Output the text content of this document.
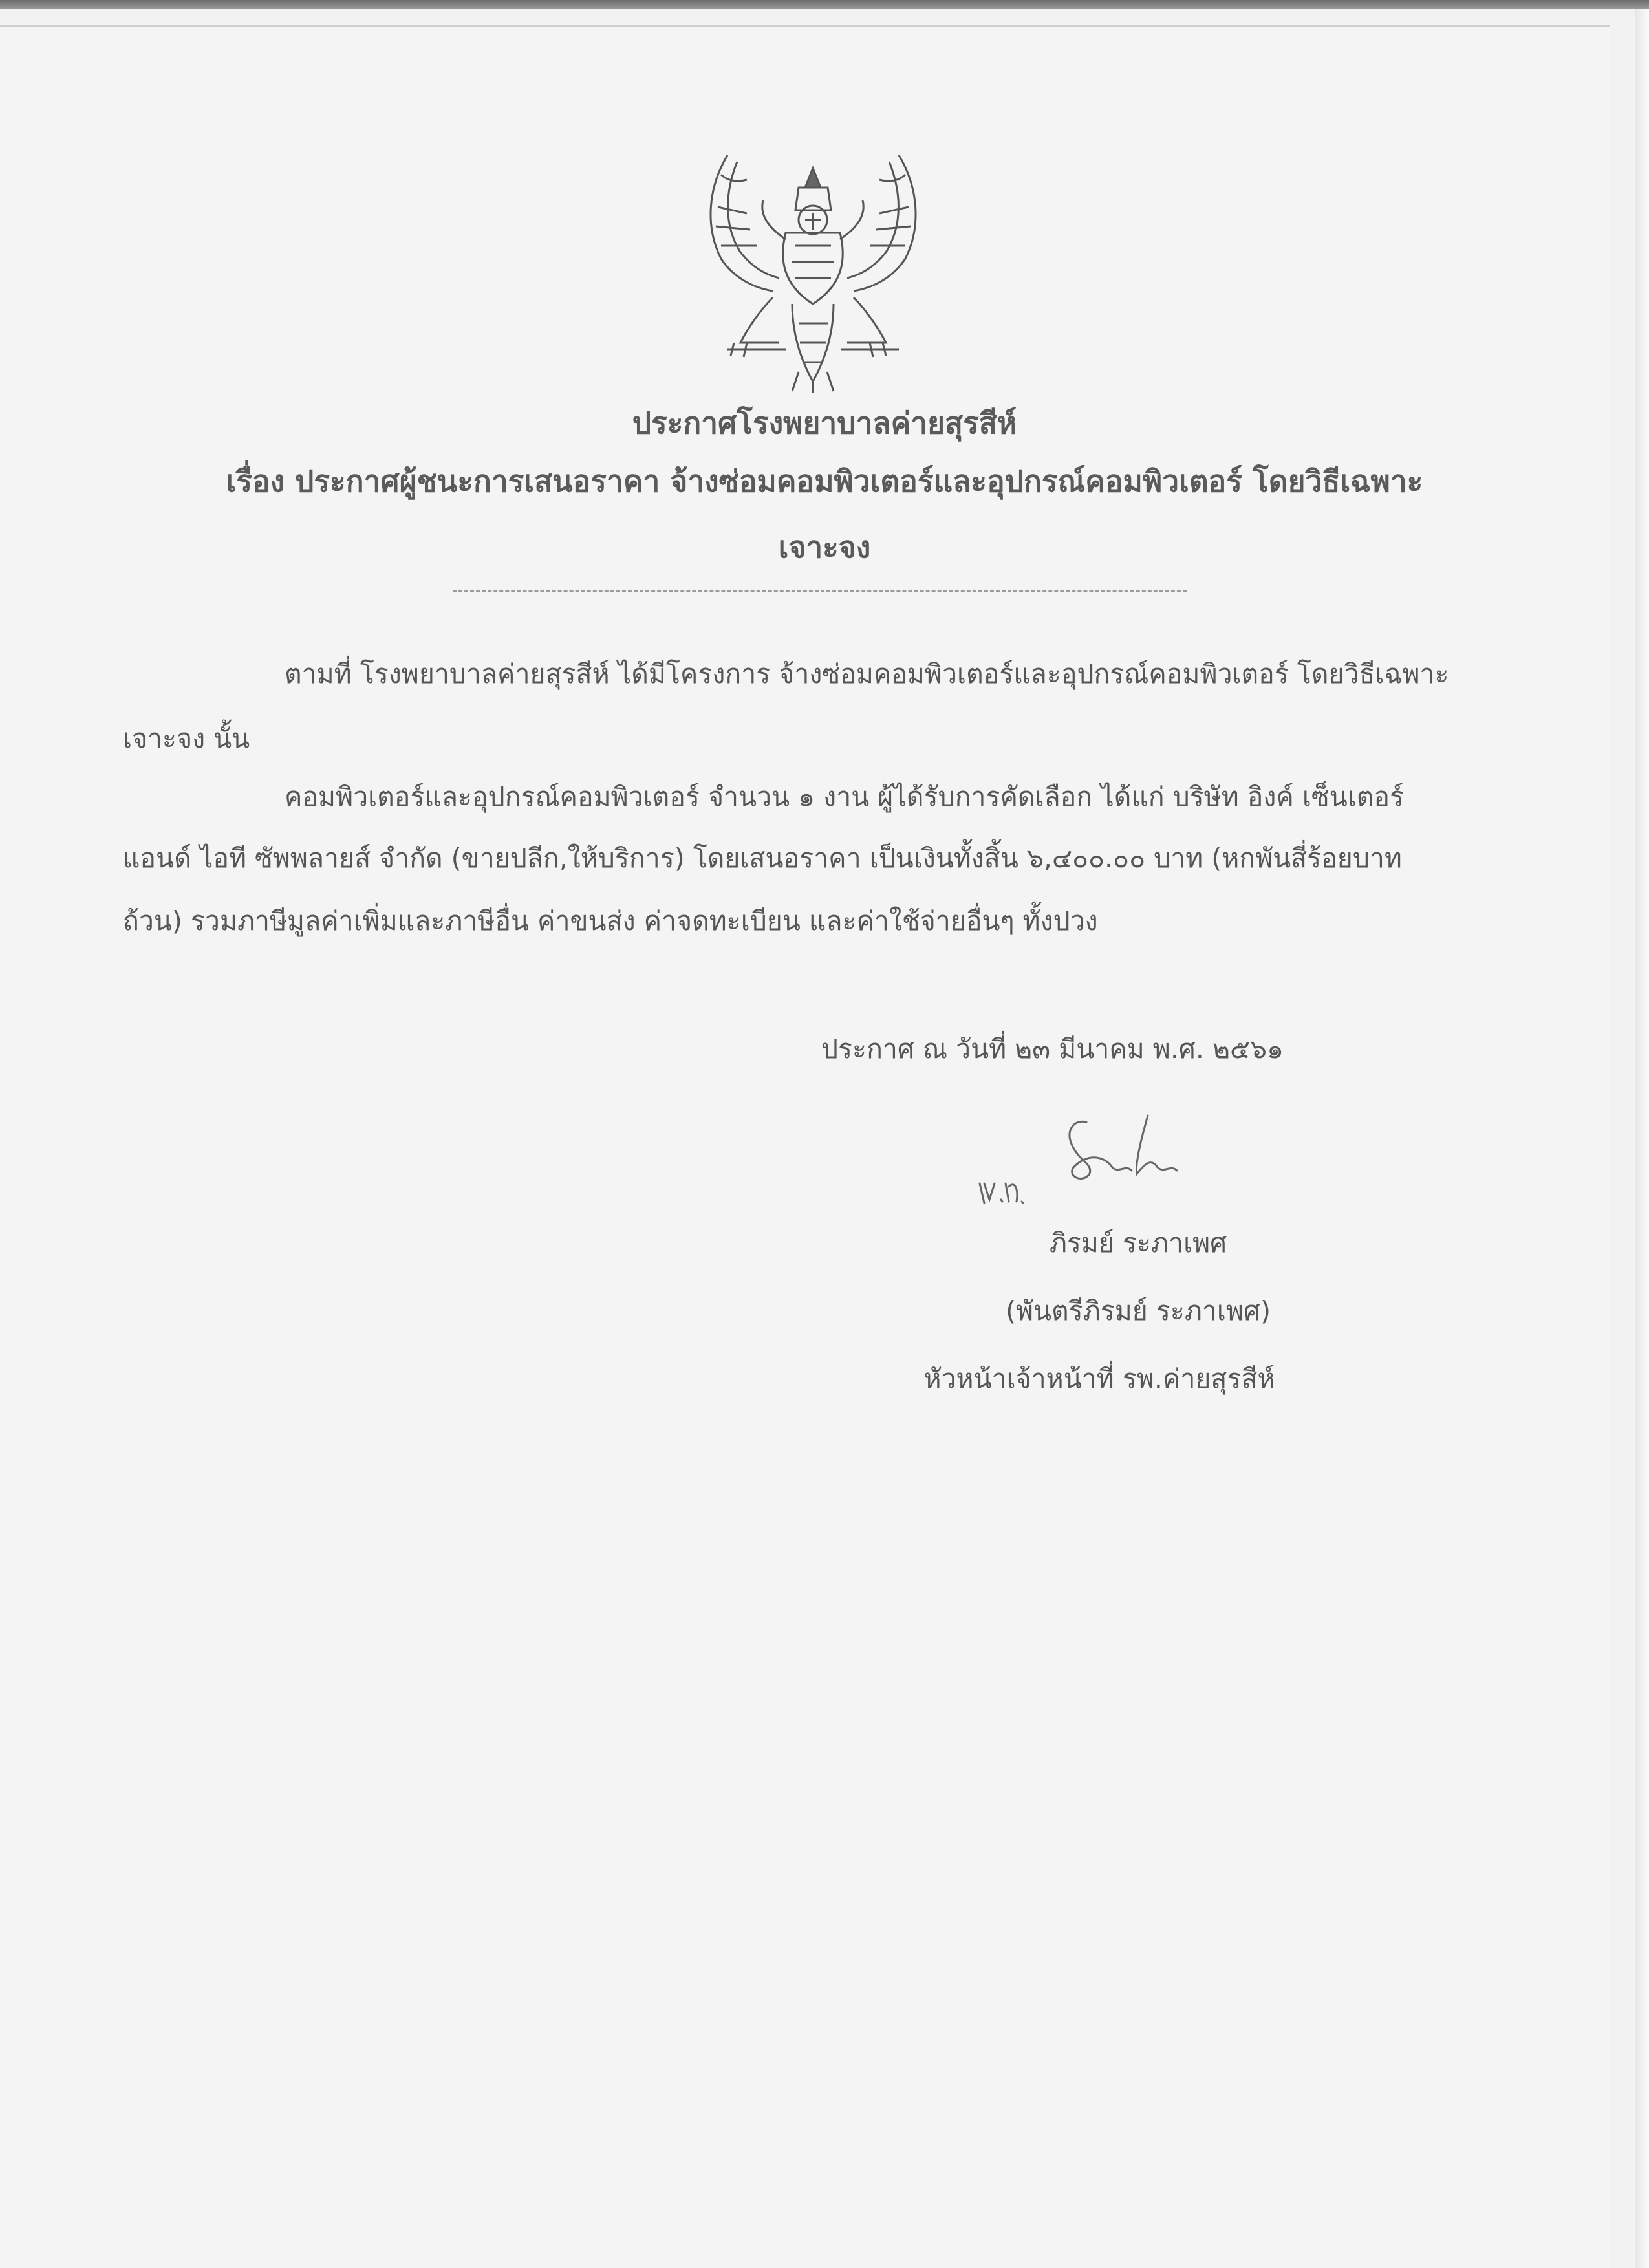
ประกาศโรงพยาบาลค่ายสุรสีห์
เรื่อง ประกาศผู้ชนะการเสนอราคา จ้างซ่อมคอมพิวเตอร์และอุปกรณ์คอมพิวเตอร์ โดยวิธีเฉพาะ
เจาะจง
ตามที่ โรงพยาบาลค่ายสุรสีห์ ได้มีโครงการ จ้างซ่อมคอมพิวเตอร์และอุปกรณ์คอมพิวเตอร์ โดยวิธีเฉพาะ
เจาะจง นั้น
คอมพิวเตอร์และอุปกรณ์คอมพิวเตอร์ จำนวน ๑ งาน ผู้ได้รับการคัดเลือก ได้แก่ บริษัท อิงค์ เซ็นเตอร์
แอนด์ ไอที ซัพพลายส์ จำกัด (ขายปลีก,ให้บริการ) โดยเสนอราคา เป็นเงินทั้งสิ้น ๖,๔๐๐.๐๐ บาท (หกพันสี่ร้อยบาท
ถ้วน) รวมภาษีมูลค่าเพิ่มและภาษีอื่น ค่าขนส่ง ค่าจดทะเบียน และค่าใช้จ่ายอื่นๆ ทั้งปวง
ประกาศ ณ วันที่ ๒๓ มีนาคม พ.ศ. ๒๕๖๑
ภิรมย์ ระภาเพศ
(พันตรีภิรมย์ ระภาเพศ)
หัวหน้าเจ้าหน้าที่ รพ.ค่ายสุรสีห์
